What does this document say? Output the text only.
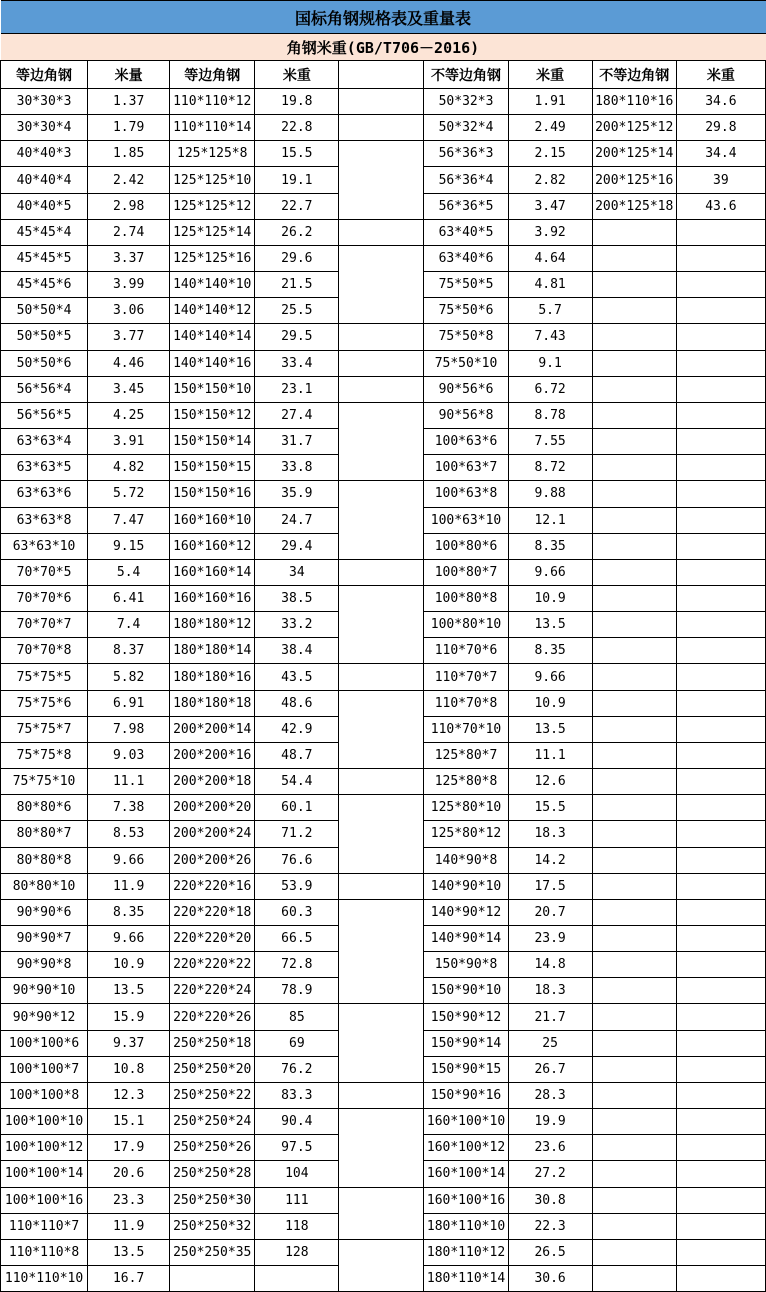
国标角钢规格表及重量表								
角钢米重(GB/T706－2016)								
等边角钢	米量	等边角钢	米重		不等边角钢	米重	不等边角钢	米重
30*30*3	1.37	110*110*12	19.8		50*32*3	1.91	180*110*16	34.6
30*30*4	1.79	110*110*14	22.8		50*32*4	2.49	200*125*12	29.8
40*40*3	1.85	125*125*8	15.5		56*36*3	2.15	200*125*14	34.4
40*40*4	2.42	125*125*10	19.1		56*36*4	2.82	200*125*16	39
40*40*5	2.98	125*125*12	22.7		56*36*5	3.47	200*125*18	43.6
45*45*4	2.74	125*125*14	26.2		63*40*5	3.92		
45*45*5	3.37	125*125*16	29.6		63*40*6	4.64		
45*45*6	3.99	140*140*10	21.5		75*50*5	4.81		
50*50*4	3.06	140*140*12	25.5		75*50*6	5.7		
50*50*5	3.77	140*140*14	29.5		75*50*8	7.43		
50*50*6	4.46	140*140*16	33.4		75*50*10	9.1		
56*56*4	3.45	150*150*10	23.1		90*56*6	6.72		
56*56*5	4.25	150*150*12	27.4		90*56*8	8.78		
63*63*4	3.91	150*150*14	31.7		100*63*6	7.55		
63*63*5	4.82	150*150*15	33.8		100*63*7	8.72		
63*63*6	5.72	150*150*16	35.9		100*63*8	9.88		
63*63*8	7.47	160*160*10	24.7		100*63*10	12.1		
63*63*10	9.15	160*160*12	29.4		100*80*6	8.35		
70*70*5	5.4	160*160*14	34		100*80*7	9.66		
70*70*6	6.41	160*160*16	38.5		100*80*8	10.9		
70*70*7	7.4	180*180*12	33.2		100*80*10	13.5		
70*70*8	8.37	180*180*14	38.4		110*70*6	8.35		
75*75*5	5.82	180*180*16	43.5		110*70*7	9.66		
75*75*6	6.91	180*180*18	48.6		110*70*8	10.9		
75*75*7	7.98	200*200*14	42.9		110*70*10	13.5		
75*75*8	9.03	200*200*16	48.7		125*80*7	11.1		
75*75*10	11.1	200*200*18	54.4		125*80*8	12.6		
80*80*6	7.38	200*200*20	60.1		125*80*10	15.5		
80*80*7	8.53	200*200*24	71.2		125*80*12	18.3		
80*80*8	9.66	200*200*26	76.6		140*90*8	14.2		
80*80*10	11.9	220*220*16	53.9		140*90*10	17.5		
90*90*6	8.35	220*220*18	60.3		140*90*12	20.7		
90*90*7	9.66	220*220*20	66.5		140*90*14	23.9		
90*90*8	10.9	220*220*22	72.8		150*90*8	14.8		
90*90*10	13.5	220*220*24	78.9		150*90*10	18.3		
90*90*12	15.9	220*220*26	85		150*90*12	21.7		
100*100*6	9.37	250*250*18	69		150*90*14	25		
100*100*7	10.8	250*250*20	76.2		150*90*15	26.7		
100*100*8	12.3	250*250*22	83.3		150*90*16	28.3		
100*100*10	15.1	250*250*24	90.4		160*100*10	19.9		
100*100*12	17.9	250*250*26	97.5		160*100*12	23.6		
100*100*14	20.6	250*250*28	104		160*100*14	27.2		
100*100*16	23.3	250*250*30	111		160*100*16	30.8		
110*110*7	11.9	250*250*32	118		180*110*10	22.3		
110*110*8	13.5	250*250*35	128		180*110*12	26.5		
110*110*10	16.7				180*110*14	30.6		
